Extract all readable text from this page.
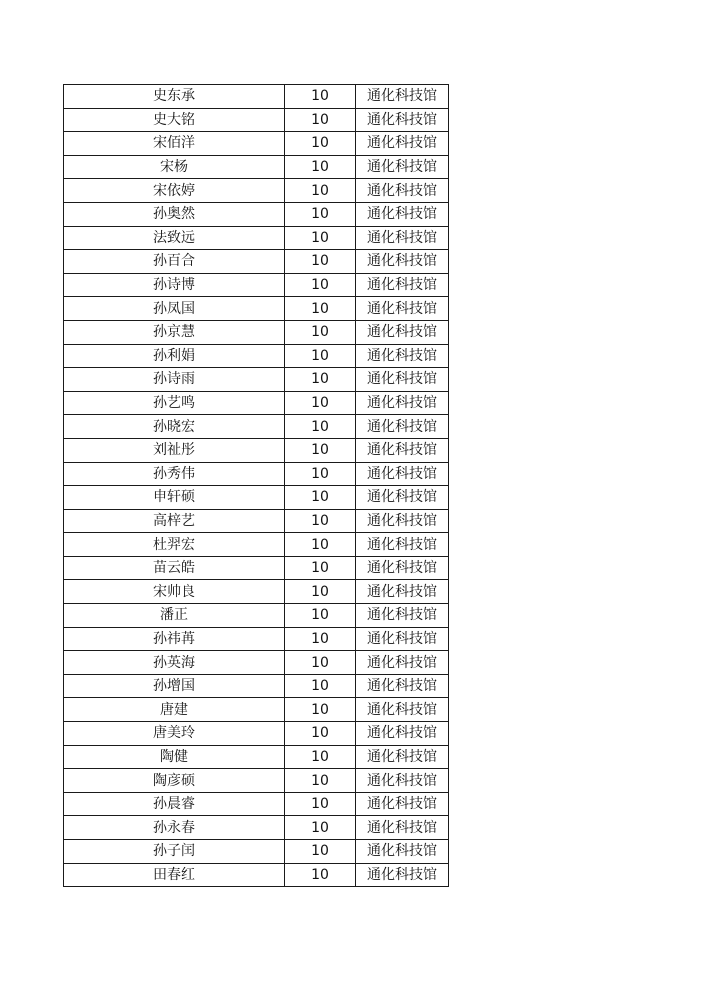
史东承	10	通化科技馆
史大铭	10	通化科技馆
宋佰洋	10	通化科技馆
宋杨	10	通化科技馆
宋依婷	10	通化科技馆
孙奥然	10	通化科技馆
法致远	10	通化科技馆
孙百合	10	通化科技馆
孙诗博	10	通化科技馆
孙凤国	10	通化科技馆
孙京慧	10	通化科技馆
孙利娟	10	通化科技馆
孙诗雨	10	通化科技馆
孙艺鸣	10	通化科技馆
孙晓宏	10	通化科技馆
刘祉彤	10	通化科技馆
孙秀伟	10	通化科技馆
申轩硕	10	通化科技馆
高梓艺	10	通化科技馆
杜羿宏	10	通化科技馆
苗云皓	10	通化科技馆
宋帅良	10	通化科技馆
潘正	10	通化科技馆
孙祎苒	10	通化科技馆
孙英海	10	通化科技馆
孙增国	10	通化科技馆
唐建	10	通化科技馆
唐美玲	10	通化科技馆
陶健	10	通化科技馆
陶彦硕	10	通化科技馆
孙晨睿	10	通化科技馆
孙永春	10	通化科技馆
孙子闰	10	通化科技馆
田春红	10	通化科技馆
